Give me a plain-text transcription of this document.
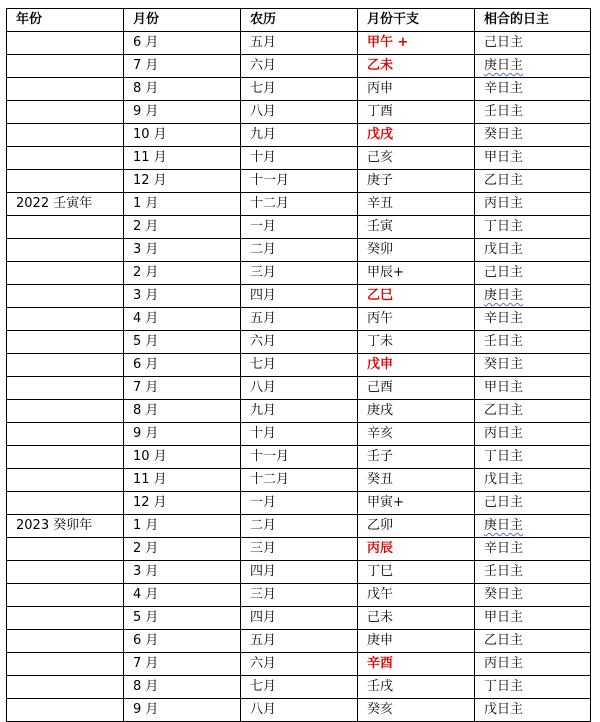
年份	月份	农历	月份干支	相合的日主
	6 月	五月	甲午 +	己日主
	7 月	六月	乙未	庚日主
	8 月	七月	丙申	辛日主
	9 月	八月	丁酉	壬日主
	10 月	九月	戊戌	癸日主
	11 月	十月	己亥	甲日主
	12 月	十一月	庚子	乙日主
2022 壬寅年	1 月	十二月	辛丑	丙日主
	2 月	一月	壬寅	丁日主
	3 月	二月	癸卯	戊日主
	2 月	三月	甲辰+	己日主
	3 月	四月	乙巳	庚日主
	4 月	五月	丙午	辛日主
	5 月	六月	丁未	壬日主
	6 月	七月	戊申	癸日主
	7 月	八月	己酉	甲日主
	8 月	九月	庚戌	乙日主
	9 月	十月	辛亥	丙日主
	10 月	十一月	壬子	丁日主
	11 月	十二月	癸丑	戊日主
	12 月	一月	甲寅+	己日主
2023 癸卯年	1 月	二月	乙卯	庚日主
	2 月	三月	丙辰	辛日主
	3 月	四月	丁巳	壬日主
	4 月	三月	戊午	癸日主
	5 月	四月	己未	甲日主
	6 月	五月	庚申	乙日主
	7 月	六月	辛酉	丙日主
	8 月	七月	壬戌	丁日主
	9 月	八月	癸亥	戊日主
